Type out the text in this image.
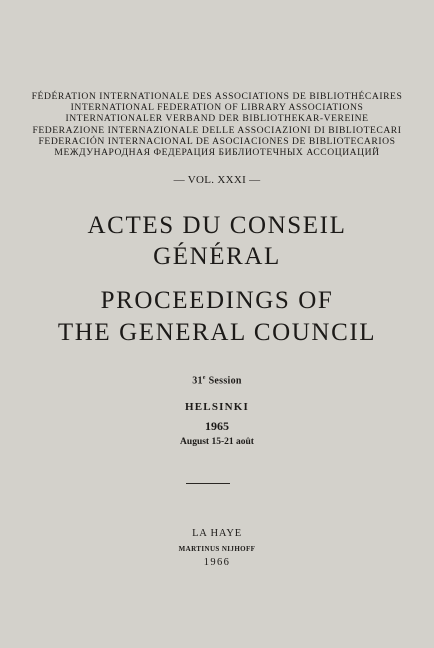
FÉDÉRATION INTERNATIONALE DES ASSOCIATIONS DE BIBLIOTHÉCAIRES
INTERNATIONAL FEDERATION OF LIBRARY ASSOCIATIONS
INTERNATIONALER VERBAND DER BIBLIOTHEKAR-VEREINE
FEDERAZIONE INTERNAZIONALE DELLE ASSOCIAZIONI DI BIBLIOTECARI
FEDERACIÓN INTERNACIONAL DE ASOCIACIONES DE BIBLIOTECARIOS
МЕЖДУНАРОДНАЯ ФЕДЕРАЦИЯ БИБЛИОТЕЧНЫХ АССОЦИАЦИЙ
— VOL. XXXI —
ACTES DU CONSEIL
GÉNÉRAL
PROCEEDINGS OF
THE GENERAL COUNCIL
31e Session
HELSINKI
1965
August 15-21 août
LA HAYE
MARTINUS NIJHOFF
1966
